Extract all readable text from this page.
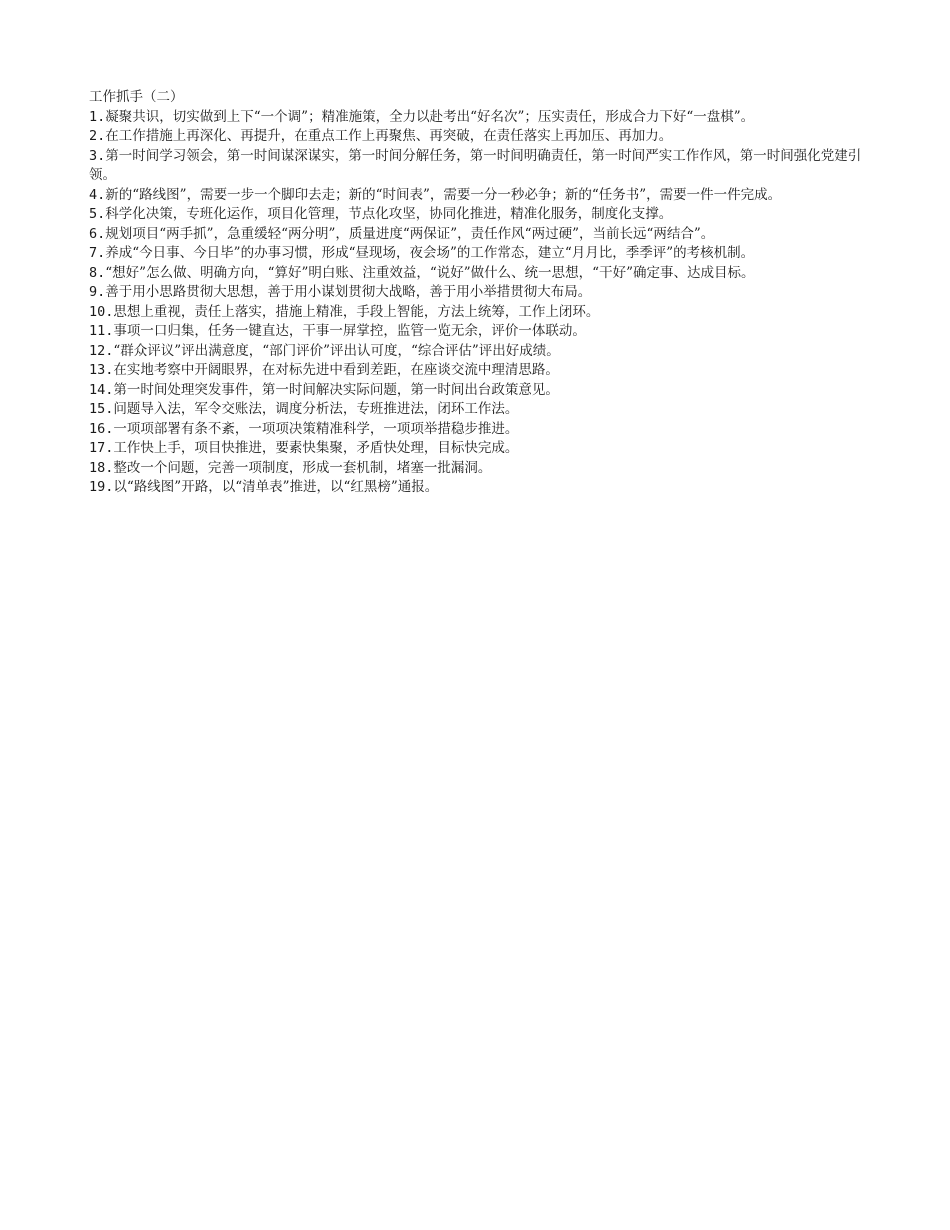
工作抓手（二）

1.凝聚共识，切实做到上下“一个调”；精准施策，全力以赴考出“好名次”；压实责任，形成合力下好“一盘棋”。

2.在工作措施上再深化、再提升，在重点工作上再聚焦、再突破，在责任落实上再加压、再加力。

3.第一时间学习领会，第一时间谋深谋实，第一时间分解任务，第一时间明确责任，第一时间严实工作作风，第一时间强化党建引领。

4.新的“路线图”，需要一步一个脚印去走；新的“时间表”，需要一分一秒必争；新的“任务书”，需要一件一件完成。

5.科学化决策，专班化运作，项目化管理，节点化攻坚，协同化推进，精准化服务，制度化支撑。

6.规划项目“两手抓”，急重缓轻“两分明”，质量进度“两保证”，责任作风“两过硬”，当前长远“两结合”。

7.养成“今日事、今日毕”的办事习惯，形成“昼现场，夜会场”的工作常态，建立“月月比，季季评”的考核机制。

8.“想好”怎么做、明确方向，“算好”明白账、注重效益，“说好”做什么、统一思想，“干好”确定事、达成目标。

9.善于用小思路贯彻大思想，善于用小谋划贯彻大战略，善于用小举措贯彻大布局。

10.思想上重视，责任上落实，措施上精准，手段上智能，方法上统筹，工作上闭环。

11.事项一口归集，任务一键直达，干事一屏掌控，监管一览无余，评价一体联动。

12.“群众评议”评出满意度，“部门评价”评出认可度，“综合评估”评出好成绩。

13.在实地考察中开阔眼界，在对标先进中看到差距，在座谈交流中理清思路。

14.第一时间处理突发事件，第一时间解决实际问题，第一时间出台政策意见。

15.问题导入法，军令交账法，调度分析法，专班推进法，闭环工作法。

16.一项项部署有条不紊，一项项决策精准科学，一项项举措稳步推进。

17.工作快上手，项目快推进，要素快集聚，矛盾快处理，目标快完成。

18.整改一个问题，完善一项制度，形成一套机制，堵塞一批漏洞。

19.以“路线图”开路，以“清单表”推进，以“红黑榜”通报。
